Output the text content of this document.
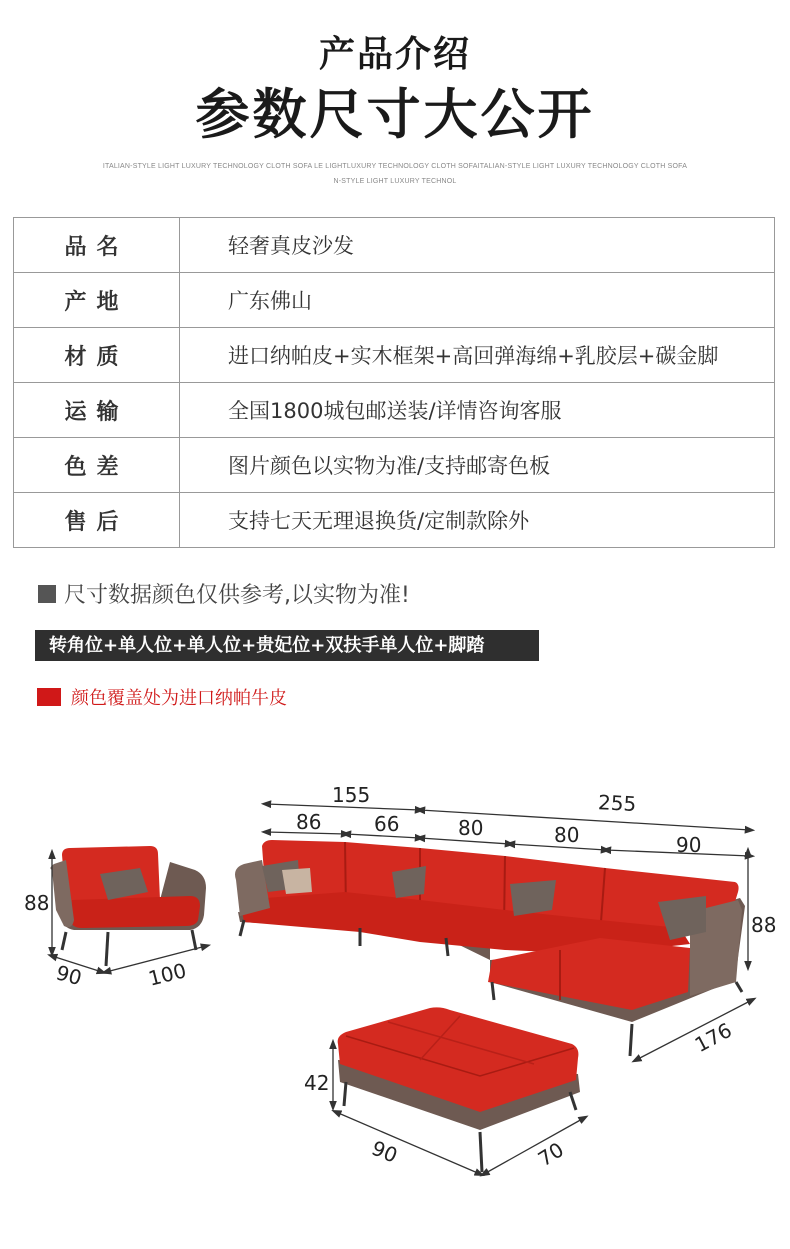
产品介绍
参数尺寸大公开
ITALIAN-STYLE LIGHT LUXURY TECHNOLOGY CLOTH SOFA LE LIGHTLUXURY TECHNOLOGY CLOTH SOFAITALIAN-STYLE LIGHT LUXURY TECHNOLOGY CLOTH SOFA
N-STYLE LIGHT LUXURY TECHNOL
品名	轻奢真皮沙发
产地	广东佛山
材质	进口纳帕皮+实木框架+高回弹海绵+乳胶层+碳金脚
运输	全国1800城包邮送装/详情咨询客服
色差	图片颜色以实物为准/支持邮寄色板
售后	支持七天无理退换货/定制款除外
尺寸数据颜色仅供参考,以实物为准!
转角位+单人位+单人位+贵妃位+双扶手单人位+脚踏
颜色覆盖处为进口纳帕牛皮
88
90	100
155	255
86	66	80	80	90
88
176
42
90	70
